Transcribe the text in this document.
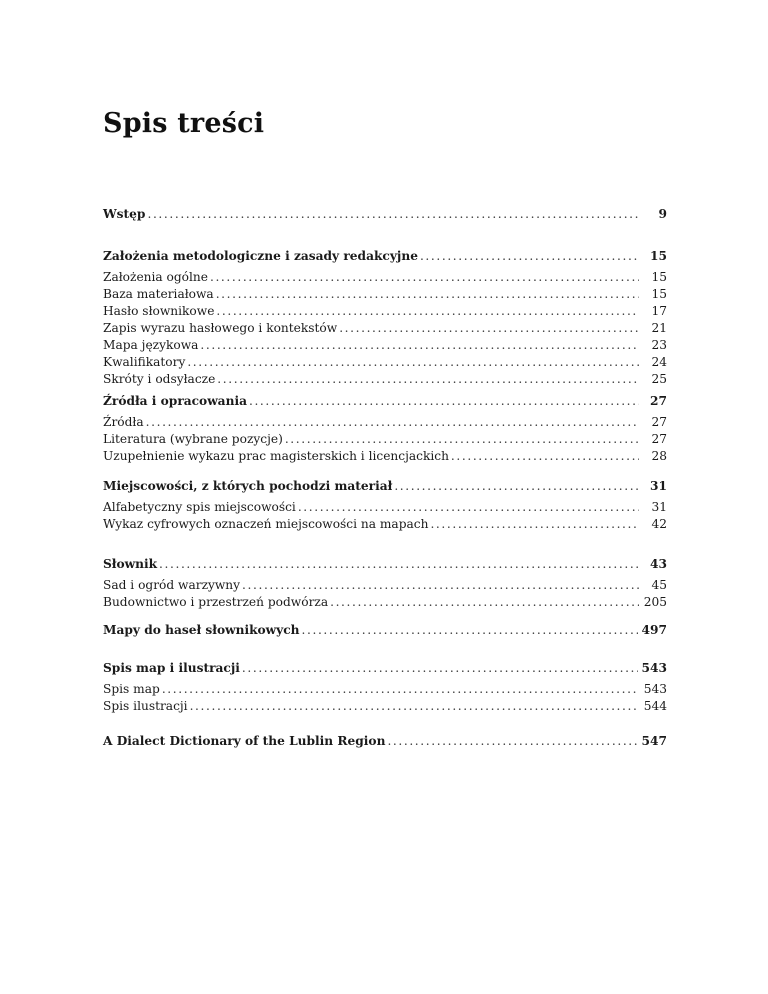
Spis treści
Wstęp .....	9
Założenia metodologiczne i zasady redakcyjne .....	15
Założenia ogólne .....	15
Baza materiałowa .....	15
Hasło słownikowe .....	17
Zapis wyrazu hasłowego i kontekstów .....	21
Mapa językowa .....	23
Kwalifikatory .....	24
Skróty i odsyłacze .....	25
Źródła i opracowania .....	27
Źródła .....	27
Literatura (wybrane pozycje) .....	27
Uzupełnienie wykazu prac magisterskich i licencjackich .....	28
Miejscowości, z których pochodzi materiał .....	31
Alfabetyczny spis miejscowości .....	31
Wykaz cyfrowych oznaczeń miejscowości na mapach .....	42
Słownik .....	43
Sad i ogród warzywny .....	45
Budownictwo i przestrzeń podwórza .....	205
Mapy do haseł słownikowych .....	497
Spis map i ilustracji .....	543
Spis map .....	543
Spis ilustracji .....	544
A Dialect Dictionary of the Lublin Region .....	547
